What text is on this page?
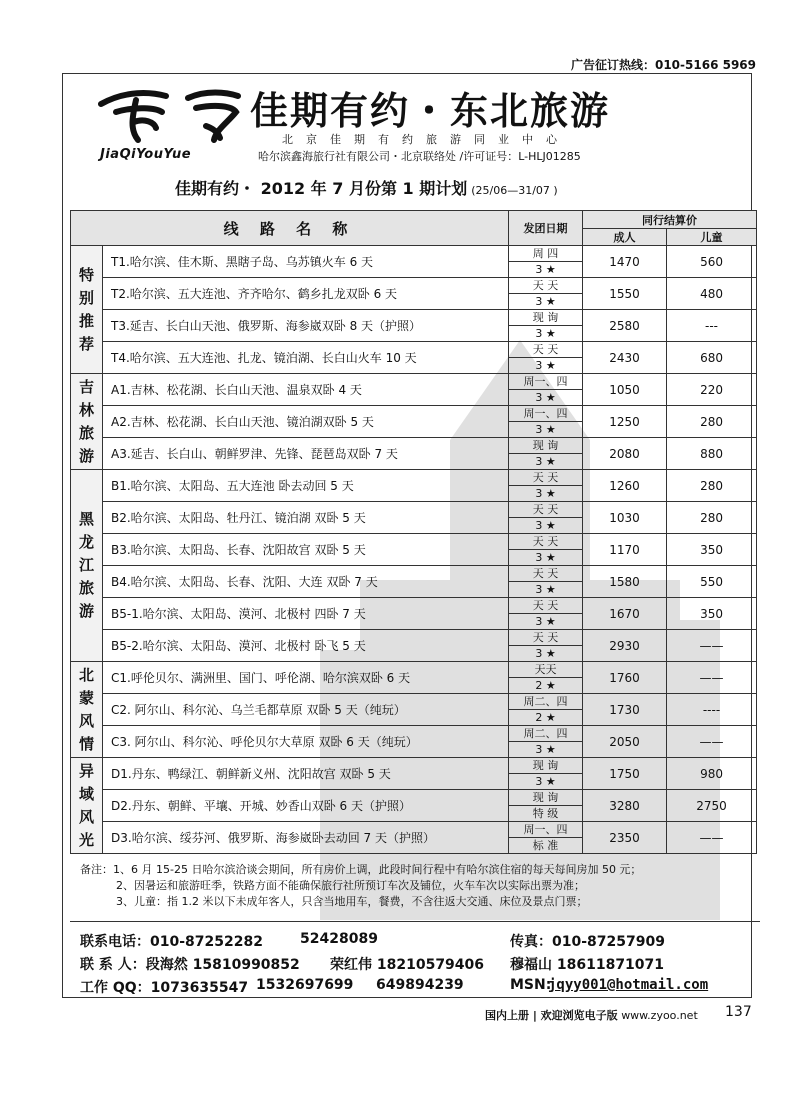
广告征订热线：010-5166 5969
JiaQiYouYue
佳期有约・东北旅游
北京佳期有约旅游同业中心
哈尔滨鑫海旅行社有限公司・北京联络处 /许可证号：L-HLJ01285
佳期有约・ 2012 年 7 月份第 1 期计划 (25/06—31/07 )
线 路 名 称		发团日期	同行结算价	
			成人	儿童

特
别
推
荐	T1.哈尔滨、佳木斯、黑瞎子岛、乌苏镇火车 6 天	周 四	1470	560
		3 ★		
	T2.哈尔滨、五大连池、齐齐哈尔、鹤乡扎龙双卧 6 天	天 天	1550	480
		3 ★		
	T3.延吉、长白山天池、俄罗斯、海参崴双卧 8 天（护照）	现 询	2580	---
		3 ★		
	T4.哈尔滨、五大连池、扎龙、镜泊湖、长白山火车 10 天	天 天	2430	680
		3 ★		

吉
林
旅
游	A1.吉林、松花湖、长白山天池、温泉双卧 4 天	周一、四	1050	220
		3 ★		
	A2.吉林、松花湖、长白山天池、镜泊湖双卧 5 天	周一、四	1250	280
		3 ★		
	A3.延吉、长白山、朝鲜罗津、先锋、琵琶岛双卧 7 天	现 询	2080	880
		3 ★		

黑
龙
江
旅
游	B1.哈尔滨、太阳岛、五大连池 卧去动回 5 天	天 天	1260	280
		3 ★		
	B2.哈尔滨、太阳岛、牡丹江、镜泊湖 双卧 5 天	天 天	1030	280
		3 ★		
	B3.哈尔滨、太阳岛、长春、沈阳故宫 双卧 5 天	天 天	1170	350
		3 ★		
	B4.哈尔滨、太阳岛、长春、沈阳、大连 双卧 7 天	天 天	1580	550
		3 ★		
	B5-1.哈尔滨、太阳岛、漠河、北极村 四卧 7 天	天 天	1670	350
		3 ★		
	B5-2.哈尔滨、太阳岛、漠河、北极村 卧飞 5 天	天 天	2930	——
		3 ★		

北
蒙
风
情	C1.呼伦贝尔、满洲里、国门、呼伦湖、哈尔滨双卧 6 天	天天	1760	——
		2 ★		
	C2. 阿尔山、科尔沁、乌兰毛都草原 双卧 5 天（纯玩）	周二、四	1730	----
		2 ★		
	C3. 阿尔山、科尔沁、呼伦贝尔大草原 双卧 6 天（纯玩）	周二、四	2050	——
		3 ★		

异
域
风
光	D1.丹东、鸭绿江、朝鲜新义州、沈阳故宫 双卧 5 天	现 询	1750	980
		3 ★		
	D2.丹东、朝鲜、平壤、开城、妙香山双卧 6 天（护照）	现 询	3280	2750
		特 级		
	D3.哈尔滨、绥芬河、俄罗斯、海参崴卧去动回 7 天（护照）	周一、四	2350	——
		标 准		
备注：1、6 月 15-25 日哈尔滨洽谈会期间，所有房价上调，此段时间行程中有哈尔滨住宿的每天每间房加 50 元；
2、因暑运和旅游旺季，铁路方面不能确保旅行社所预订车次及铺位，火车车次以实际出票为准；
3、儿童：指 1.2 米以下未成年客人，只含当地用车，餐费，不含往返大交通、床位及景点门票；
联系电话：010-87252282	52428089	传真：010-87257909
联 系 人：段海然 15810990852 荣红伟 18210579406 穆福山 18611871071
工作 QQ：1073635547 1532697699 649894239	MSN:
jqyy001@hotmail.com
国内上册 | 欢迎浏览电子版 www.zyoo.net 137
